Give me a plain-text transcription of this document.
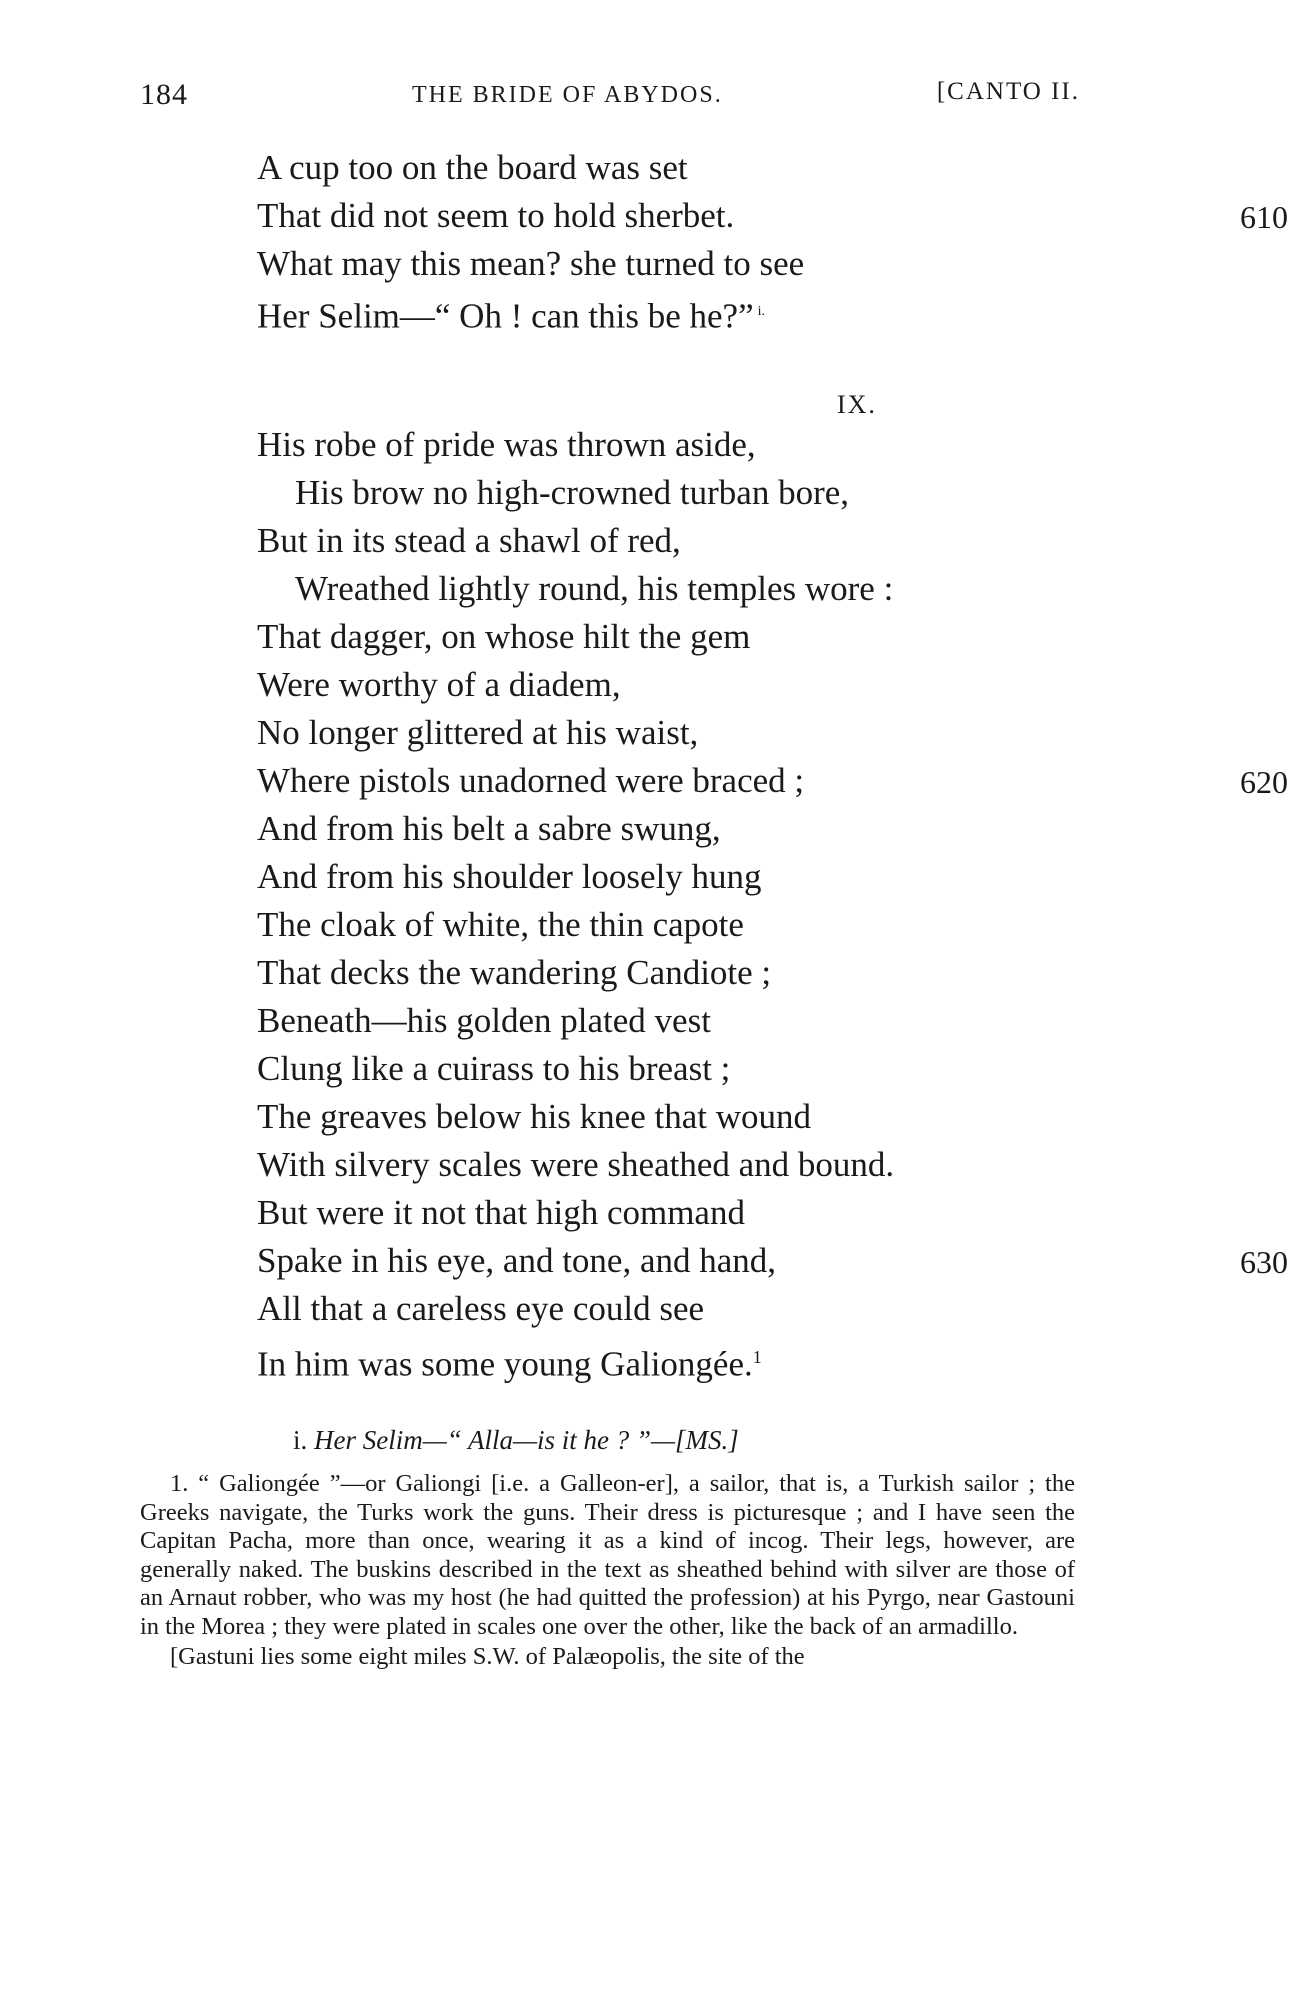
184	THE BRIDE OF ABYDOS.	[CANTO II.
A cup too on the board was set
That did not seem to hold sherbet.	610
What may this mean? she turned to see
Her Selim—“ Oh ! can this be he?” $^{i.}$
IX.
His robe of pride was thrown aside,
His brow no high-crowned turban bore,
But in its stead a shawl of red,
Wreathed lightly round, his temples wore :
That dagger, on whose hilt the gem
Were worthy of a diadem,
No longer glittered at his waist,
Where pistols unadorned were braced ;	620
And from his belt a sabre swung,
And from his shoulder loosely hung
The cloak of white, the thin capote
That decks the wandering Candiote ;
Beneath—his golden plated vest
Clung like a cuirass to his breast ;
The greaves below his knee that wound
With silvery scales were sheathed and bound.
But were it not that high command
Spake in his eye, and tone, and hand,	630
All that a careless eye could see
In him was some young Galiongée.$^1$
i. Her Selim—“ Alla—is it he ? ”—[MS.]

1. “ Galiongée ”—or Galiongi [i.e. a Galleon-er], a sailor, that is, a Turkish sailor ; the Greeks navigate, the Turks work the guns. Their dress is picturesque ; and I have seen the Capitan Pacha, more than once, wearing it as a kind of incog. Their legs, however, are generally naked. The buskins described in the text as sheathed behind with silver are those of an Arnaut robber, who was my host (he had quitted the profession) at his Pyrgo, near Gastouni in the Morea ; they were plated in scales one over the other, like the back of an armadillo.

[Gastuni lies some eight miles S.W. of Palæopolis, the site of the
